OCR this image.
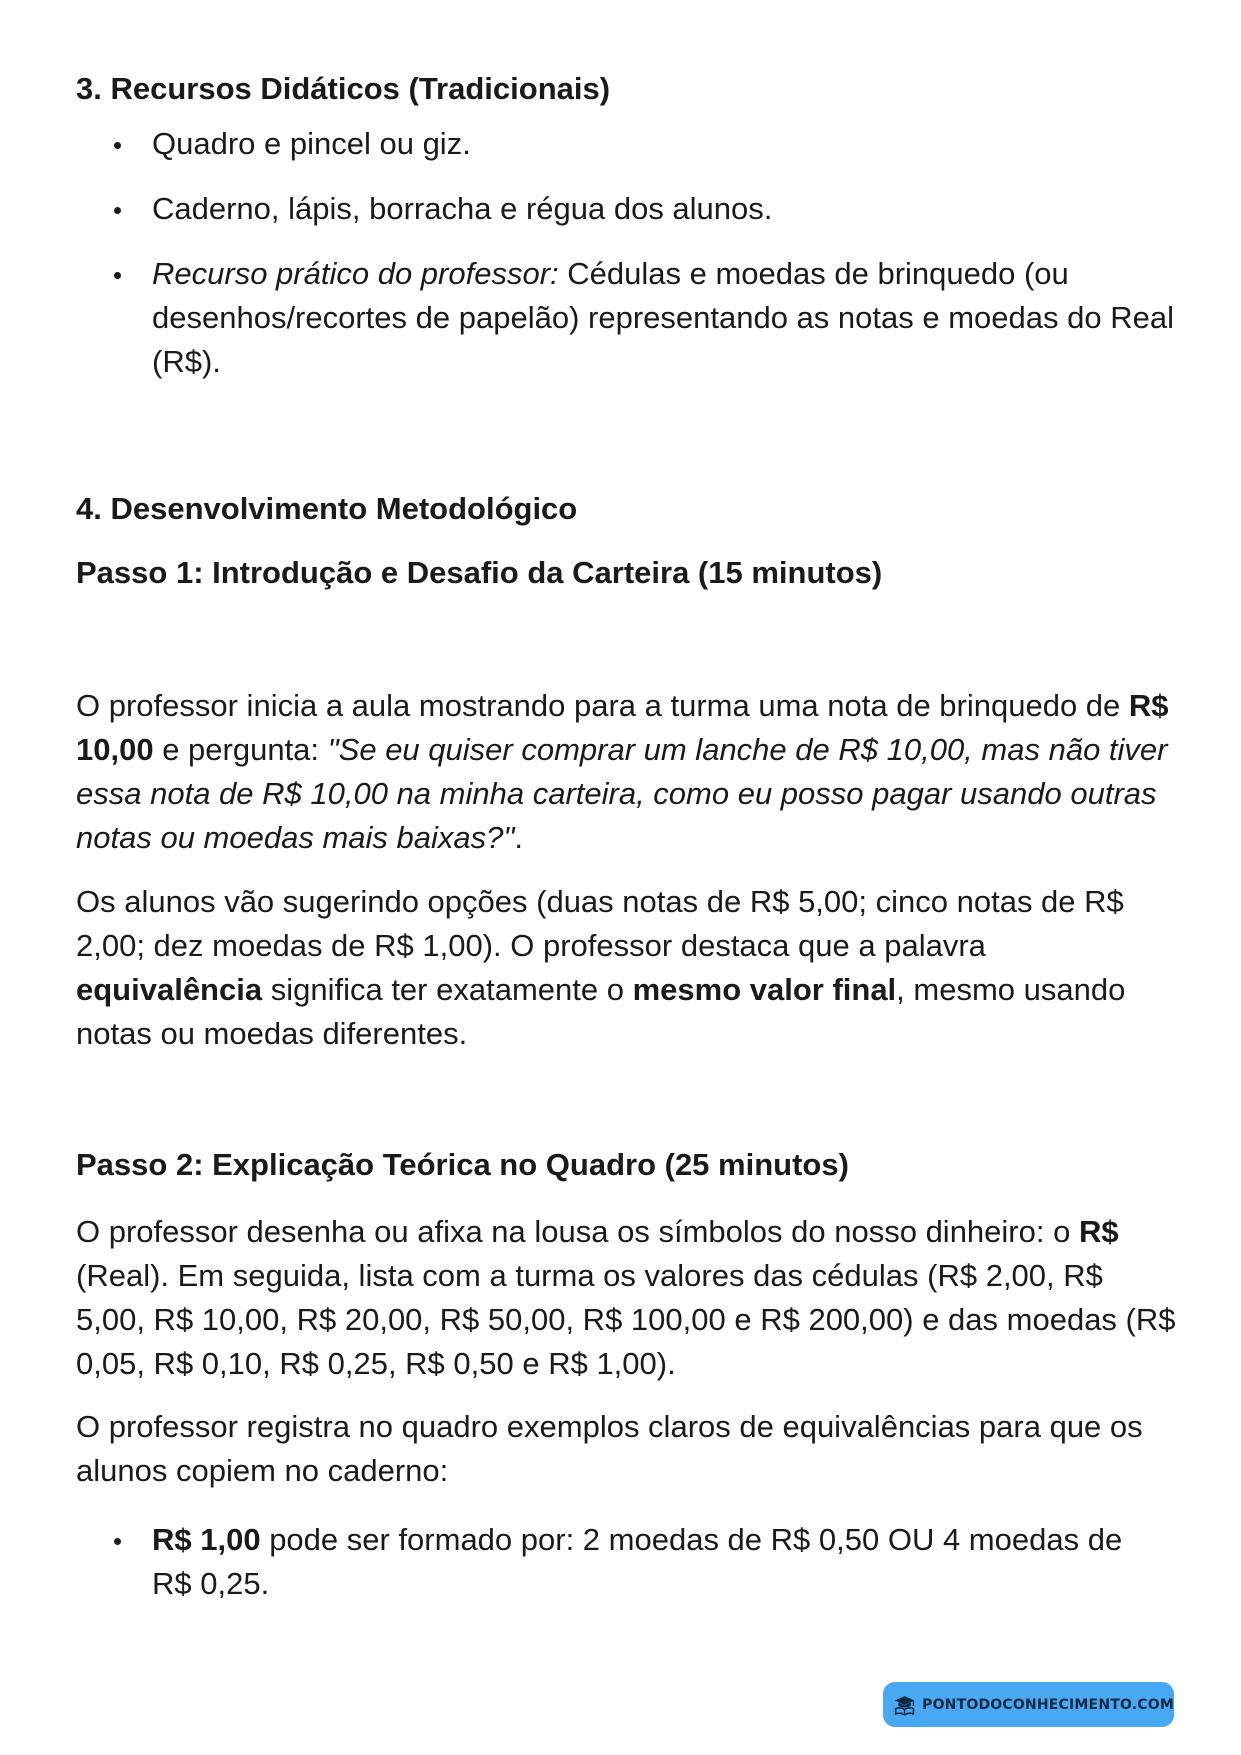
3. Recursos Didáticos (Tradicionais)
Quadro e pincel ou giz.
Caderno, lápis, borracha e régua dos alunos.
Recurso prático do professor: Cédulas e moedas de brinquedo (ou desenhos/recortes de papelão) representando as notas e moedas do Real (R$).
4. Desenvolvimento Metodológico
Passo 1: Introdução e Desafio da Carteira (15 minutos)

O professor inicia a aula mostrando para a turma uma nota de brinquedo de R$ 10,00 e pergunta: "Se eu quiser comprar um lanche de R$ 10,00, mas não tiver essa nota de R$ 10,00 na minha carteira, como eu posso pagar usando outras notas ou moedas mais baixas?".

Os alunos vão sugerindo opções (duas notas de R$ 5,00; cinco notas de R$ 2,00; dez moedas de R$ 1,00). O professor destaca que a palavra equivalência significa ter exatamente o mesmo valor final, mesmo usando notas ou moedas diferentes.

Passo 2: Explicação Teórica no Quadro (25 minutos)

O professor desenha ou afixa na lousa os símbolos do nosso dinheiro: o R$ (Real). Em seguida, lista com a turma os valores das cédulas (R$ 2,00, R$ 5,00, R$ 10,00, R$ 20,00, R$ 50,00, R$ 100,00 e R$ 200,00) e das moedas (R$ 0,05, R$ 0,10, R$ 0,25, R$ 0,50 e R$ 1,00).

O professor registra no quadro exemplos claros de equivalências para que os alunos copiem no caderno:

R$ 1,00 pode ser formado por: 2 moedas de R$ 0,50 OU 4 moedas de R$ 0,25.
PONTODOCONHECIMENTO.COM
